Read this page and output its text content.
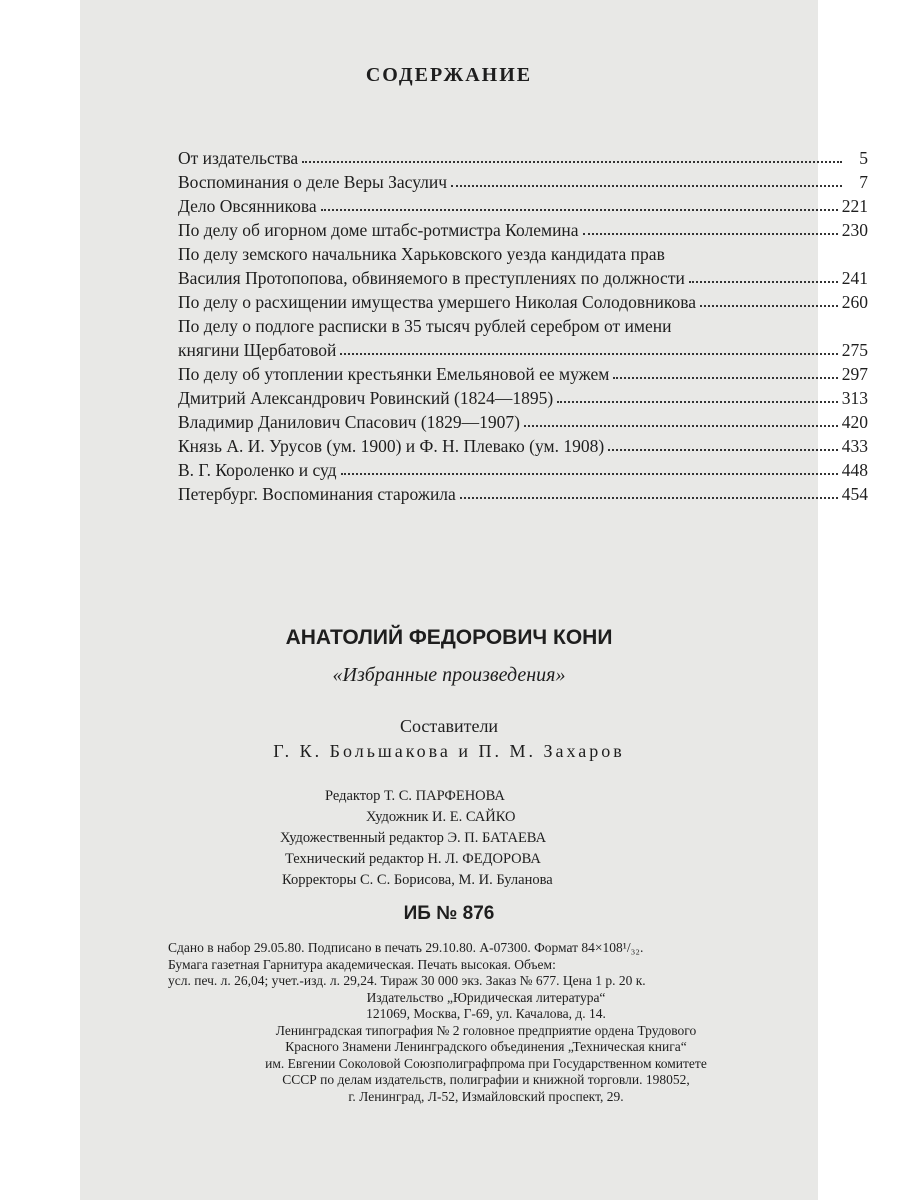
СОДЕРЖАНИЕ
От издательства	5
Воспоминания о деле Веры Засулич	7
Дело Овсянникова	221
По делу об игорном доме штабс-ротмистра Колемина	230
По делу земского начальника Харьковского уезда кандидата прав
Василия Протопопова, обвиняемого в преступлениях по должности	241
По делу о расхищении имущества умершего Николая Солодовникова	260
По делу о подлоге расписки в 35 тысяч рублей серебром от имени
княгини Щербатовой	275
По делу об утоплении крестьянки Емельяновой ее мужем	297
Дмитрий Александрович Ровинский (1824—1895)	313
Владимир Данилович Спасович (1829—1907)	420
Князь А. И. Урусов (ум. 1900) и Ф. Н. Плевако (ум. 1908)	433
В. Г. Короленко и суд	448
Петербург. Воспоминания старожила	454
АНАТОЛИЙ ФЕДОРОВИЧ КОНИ
«Избранные произведения»
Составители
Г. К. Большакова и П. М. Захаров
Редактор Т. С. ПАРФЕНОВА
Художник И. Е. САЙКО
Художественный редактор Э. П. БАТАЕВА
Технический редактор Н. Л. ФЕДОРОВА
Корректоры С. С. Борисова, М. И. Буланова
ИБ № 876
Сдано в набор 29.05.80. Подписано в печать 29.10.80. А-07300. Формат 84×108¹/₃₂.
Бумага газетная Гарнитура академическая. Печать высокая. Объем:
усл. печ. л. 26,04; учет.-изд. л. 29,24. Тираж 30 000 экз. Заказ № 677. Цена 1 р. 20 к.
Издательство „Юридическая литература“
121069, Москва, Г-69, ул. Качалова, д. 14.
Ленинградская типография № 2 головное предприятие ордена Трудового
Красного Знамени Ленинградского объединения „Техническая книга“
им. Евгении Соколовой Союзполиграфпрома при Государственном комитете
СССР по делам издательств, полиграфии и книжной торговли. 198052,
г. Ленинград, Л-52, Измайловский проспект, 29.
